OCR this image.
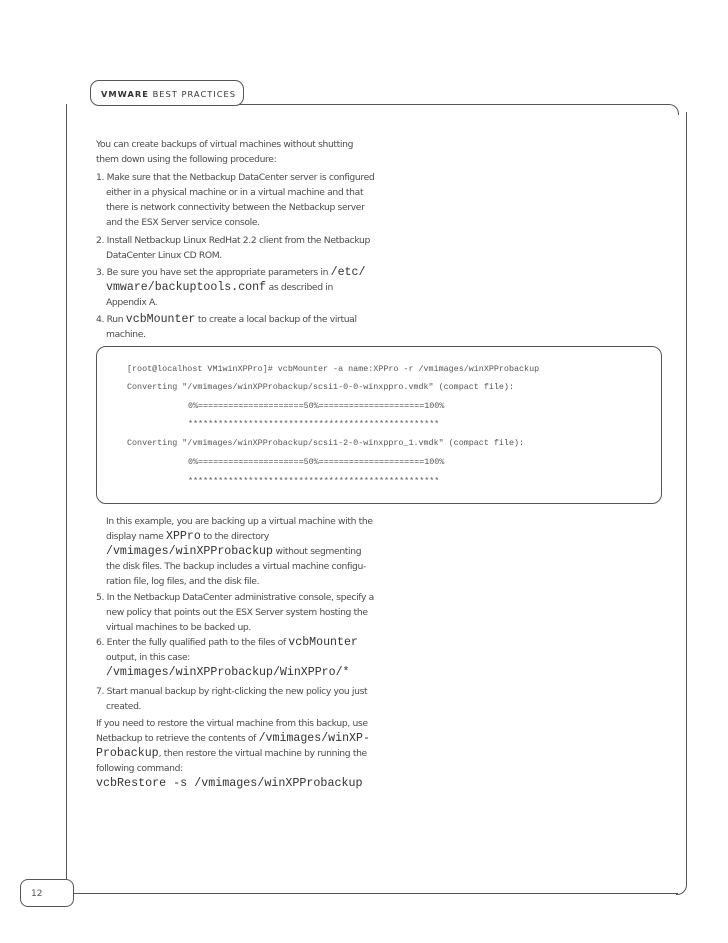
VMWARE BEST PRACTICES
12
You can create backups of virtual machines without shutting
them down using the following procedure:
1. Make sure that the Netbackup DataCenter server is configured
either in a physical machine or in a virtual machine and that
there is network connectivity between the Netbackup server
and the ESX Server service console.
2. Install Netbackup Linux RedHat 2.2 client from the Netbackup
DataCenter Linux CD ROM.
3. Be sure you have set the appropriate parameters in /etc/
vmware/backuptools.conf as described in
Appendix A.
4. Run vcbMounter to create a local backup of the virtual
machine.
[root@localhost VM1winXPPro]# vcbMounter -a name:XPPro -r /vmimages/winXPProbackup
Converting "/vmimages/winXPProbackup/scsi1-0-0-winxppro.vmdk" (compact file):
0%=====================50%=====================100%
**************************************************
Converting "/vmimages/winXPProbackup/scsi1-2-0-winxppro_1.vmdk" (compact file):
0%=====================50%=====================100%
**************************************************
In this example, you are backing up a virtual machine with the
display name XPPro to the directory
/vmimages/winXPProbackup without segmenting
the disk files. The backup includes a virtual machine configu-
ration file, log files, and the disk file.
5. In the Netbackup DataCenter administrative console, specify a
new policy that points out the ESX Server system hosting the
virtual machines to be backed up.
6. Enter the fully qualified path to the files of vcbMounter
output, in this case:
/vmimages/winXPProbackup/WinXPPro/*
7. Start manual backup by right-clicking the new policy you just
created.
If you need to restore the virtual machine from this backup, use
Netbackup to retrieve the contents of /vmimages/winXP-
Probackup, then restore the virtual machine by running the
following command:
vcbRestore -s /vmimages/winXPProbackup
